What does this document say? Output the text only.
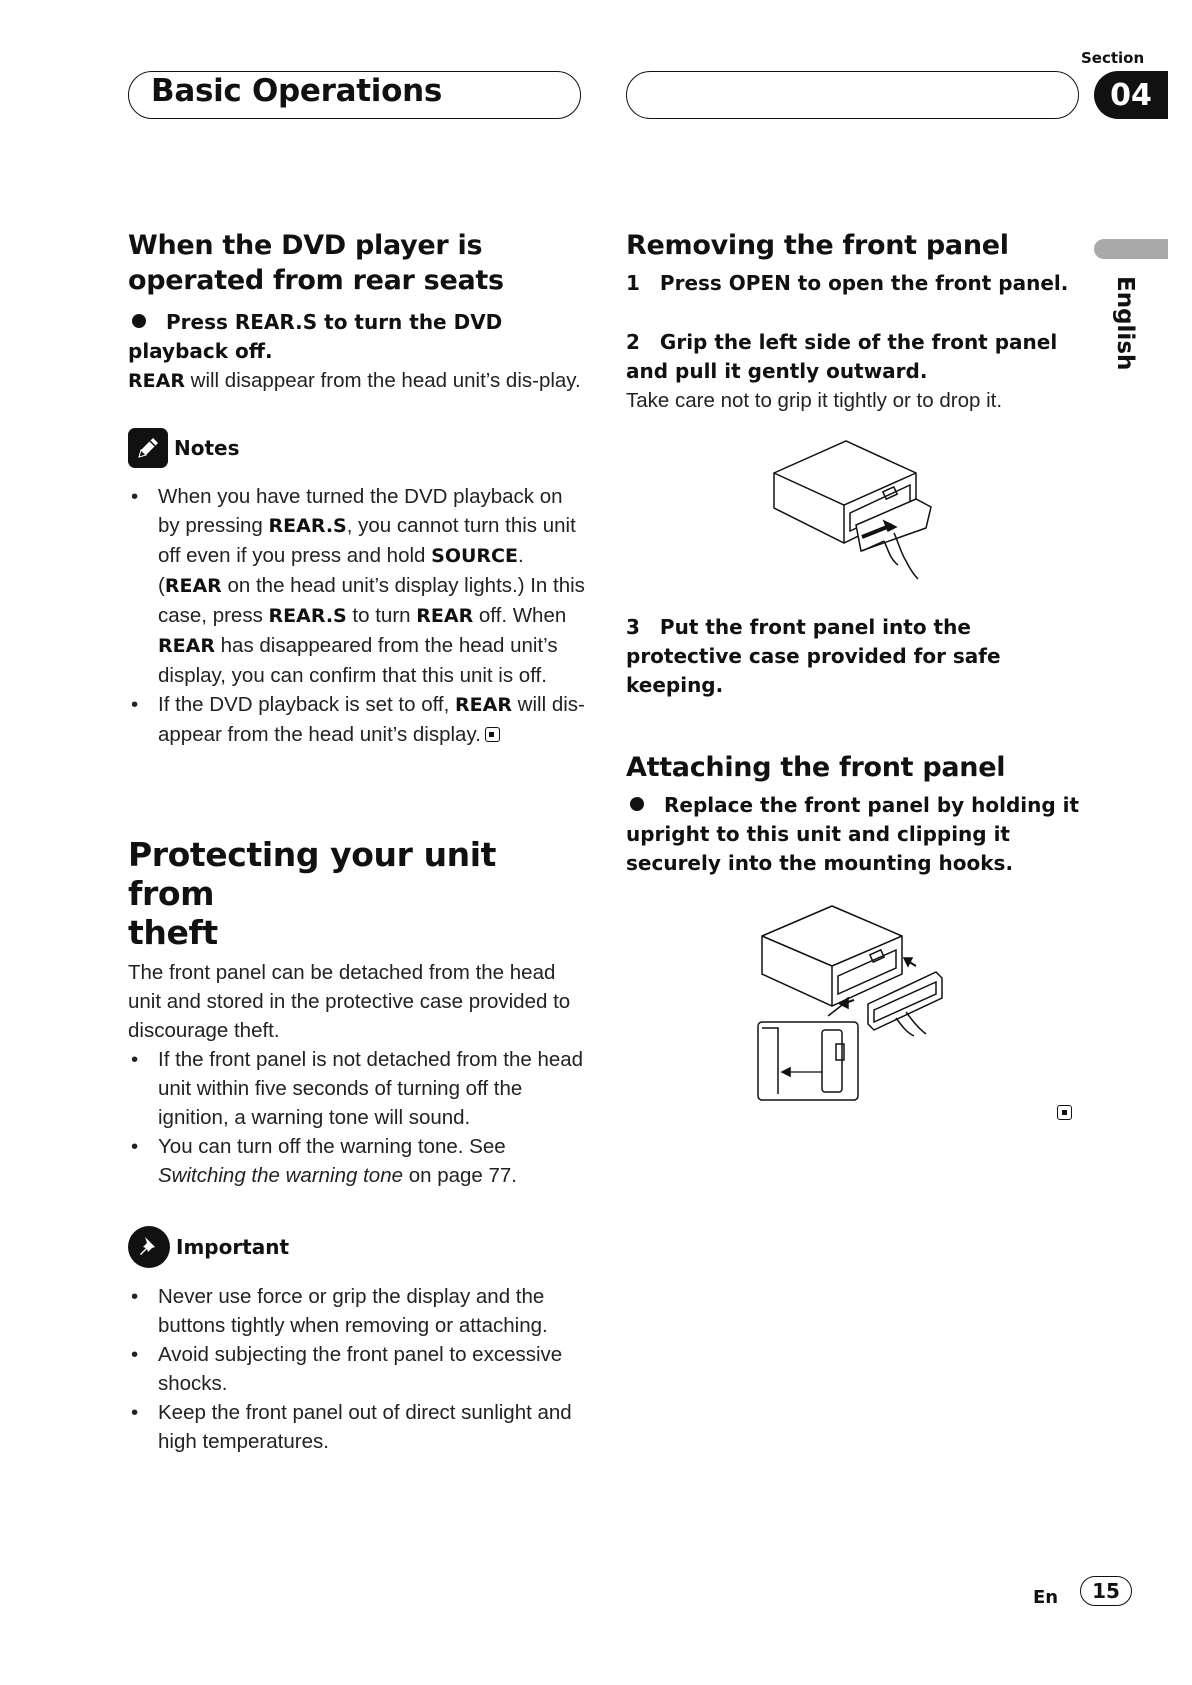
Basic Operations
Section
04
English
When the DVD player is
operated from rear seats
Press REAR.S to turn the DVD playback off.
REAR will disappear from the head unit’s dis-play.
Notes
• When you have turned the DVD playback on by pressing REAR.S, you cannot turn this unit off even if you press and hold SOURCE. (REAR on the head unit’s display lights.) In this case, press REAR.S to turn REAR off. When REAR has disappeared from the head unit’s display, you can confirm that this unit is off.
• If the DVD playback is set to off, REAR will dis-appear from the head unit’s display.
Protecting your unit from
theft
The front panel can be detached from the head unit and stored in the protective case provided to discourage theft.
• If the front panel is not detached from the head unit within five seconds of turning off the ignition, a warning tone will sound.
• You can turn off the warning tone. See Switching the warning tone on page 77.
Important
• Never use force or grip the display and the buttons tightly when removing or attaching.
• Avoid subjecting the front panel to excessive shocks.
• Keep the front panel out of direct sunlight and high temperatures.
Removing the front panel
1 Press OPEN to open the front panel.
2 Grip the left side of the front panel and pull it gently outward.
Take care not to grip it tightly or to drop it.
3 Put the front panel into the protective case provided for safe keeping.
Attaching the front panel
Replace the front panel by holding it upright to this unit and clipping it securely into the mounting hooks.
En 15
